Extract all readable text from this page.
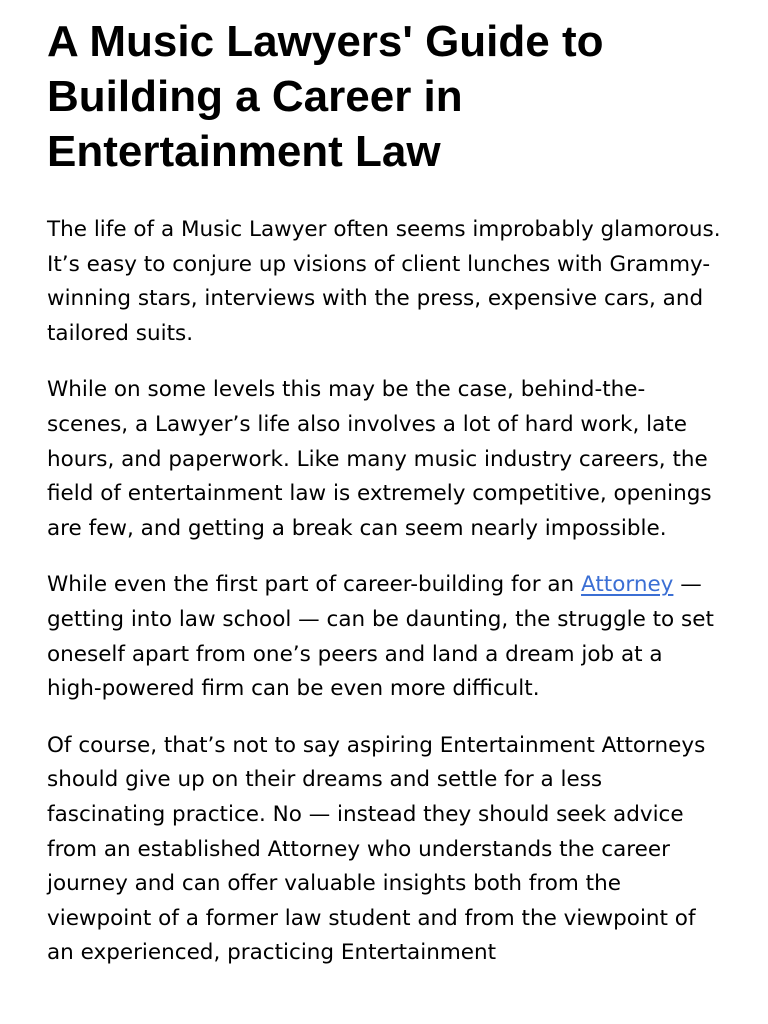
A Music Lawyers' Guide to Building a Career in Entertainment Law

The life of a Music Lawyer often seems improbably glamorous. It’s easy to conjure up visions of client lunches with Grammy-winning stars, interviews with the press, expensive cars, and tailored suits.

While on some levels this may be the case, behind-the-scenes, a Lawyer’s life also involves a lot of hard work, late hours, and paperwork. Like many music industry careers, the field of entertainment law is extremely competitive, openings are few, and getting a break can seem nearly impossible.

While even the first part of career-building for an Attorney — getting into law school — can be daunting, the struggle to set oneself apart from one’s peers and land a dream job at a high-powered firm can be even more difficult.

Of course, that’s not to say aspiring Entertainment Attorneys should give up on their dreams and settle for a less fascinating practice. No — instead they should seek advice from an established Attorney who understands the career journey and can offer valuable insights both from the viewpoint of a former law student and from the viewpoint of an experienced, practicing Entertainment
